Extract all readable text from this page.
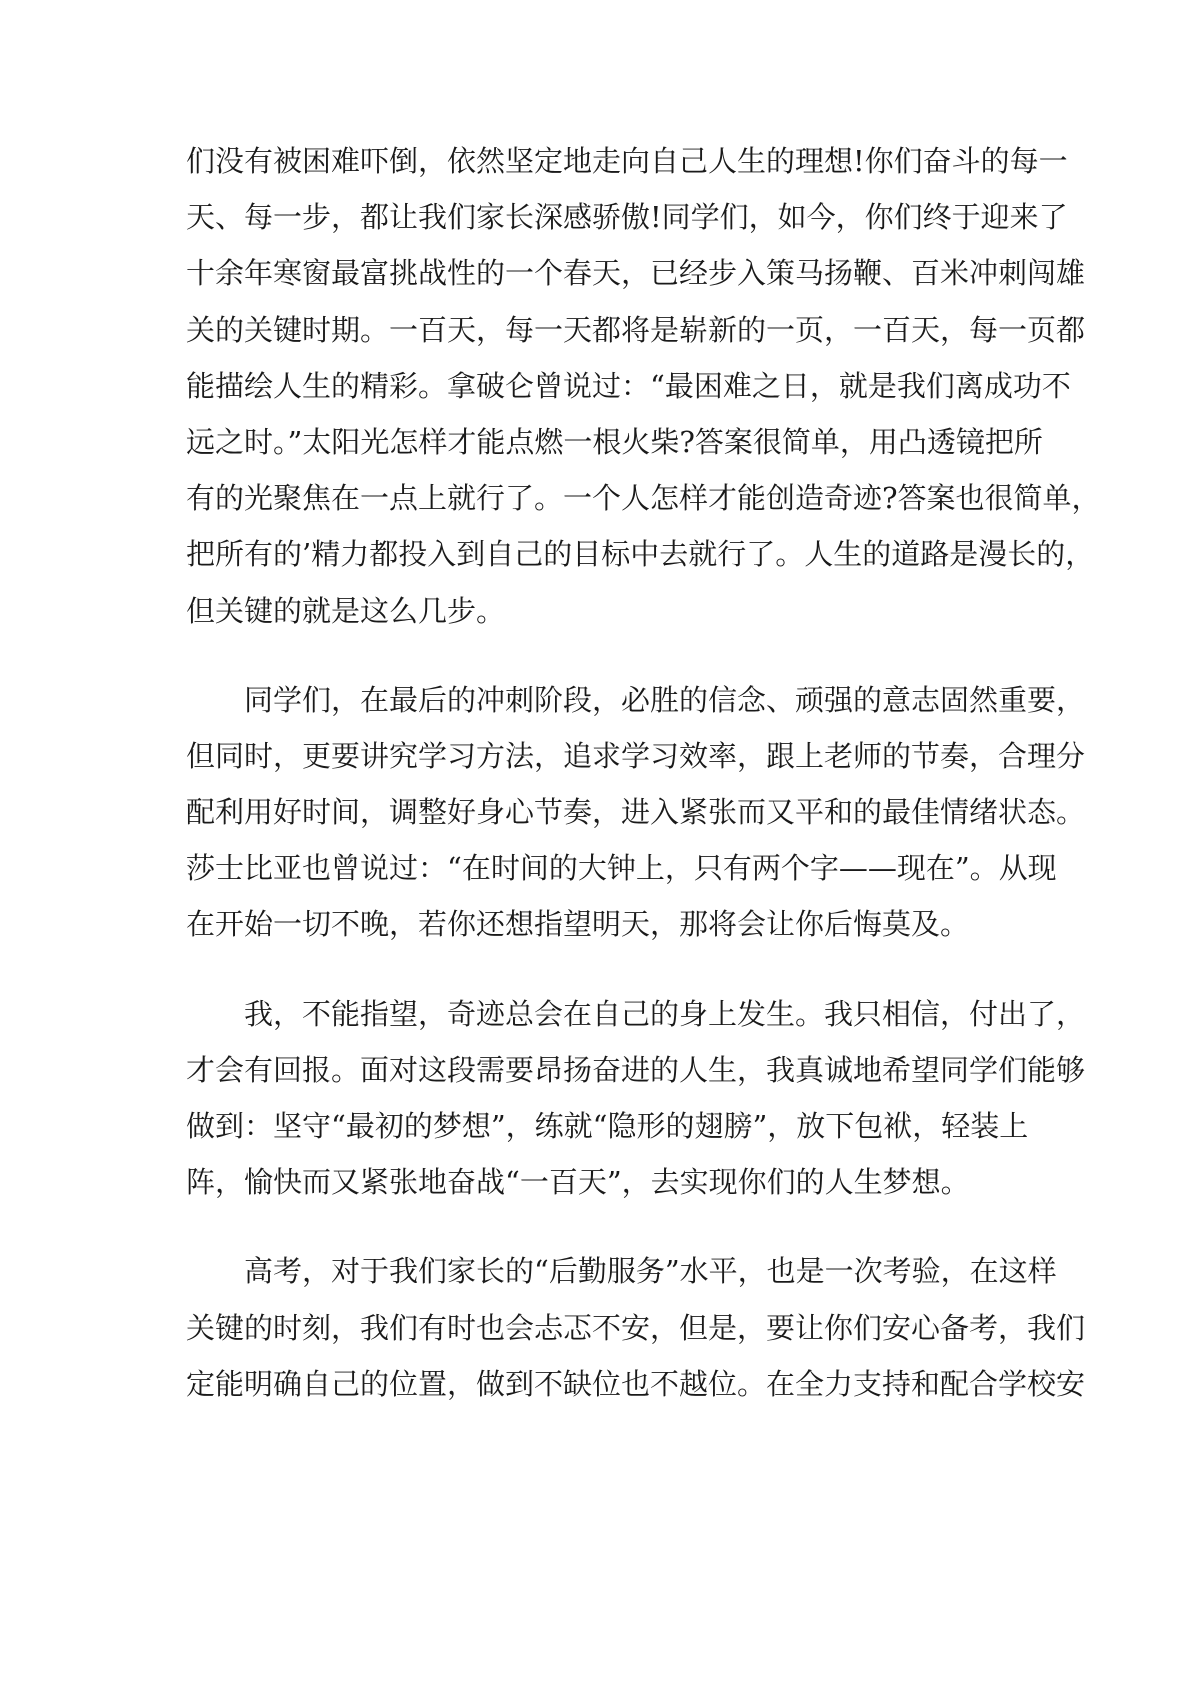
们没有被困难吓倒，依然坚定地走向自己人生的理想!你们奋斗的每一
天、每一步，都让我们家长深感骄傲!同学们，如今，你们终于迎来了
十余年寒窗最富挑战性的一个春天，已经步入策马扬鞭、百米冲刺闯雄
关的关键时期。一百天，每一天都将是崭新的一页，一百天，每一页都
能描绘人生的精彩。拿破仑曾说过：“最困难之日，就是我们离成功不
远之时。”太阳光怎样才能点燃一根火柴?答案很简单，用凸透镜把所
有的光聚焦在一点上就行了。一个人怎样才能创造奇迹?答案也很简单，
把所有的’精力都投入到自己的目标中去就行了。人生的道路是漫长的，
但关键的就是这么几步。

　　同学们，在最后的冲刺阶段，必胜的信念、顽强的意志固然重要，
但同时，更要讲究学习方法，追求学习效率，跟上老师的节奏，合理分
配利用好时间，调整好身心节奏，进入紧张而又平和的最佳情绪状态。
莎士比亚也曾说过：“在时间的大钟上，只有两个字——现在”。从现
在开始一切不晚，若你还想指望明天，那将会让你后悔莫及。

　　我，不能指望，奇迹总会在自己的身上发生。我只相信，付出了，
才会有回报。面对这段需要昂扬奋进的人生，我真诚地希望同学们能够
做到：坚守“最初的梦想”，练就“隐形的翅膀”，放下包袱，轻装上
阵，愉快而又紧张地奋战“一百天”，去实现你们的人生梦想。

　　高考，对于我们家长的“后勤服务”水平，也是一次考验，在这样
关键的时刻，我们有时也会忐忑不安，但是，要让你们安心备考，我们
定能明确自己的位置，做到不缺位也不越位。在全力支持和配合学校安
